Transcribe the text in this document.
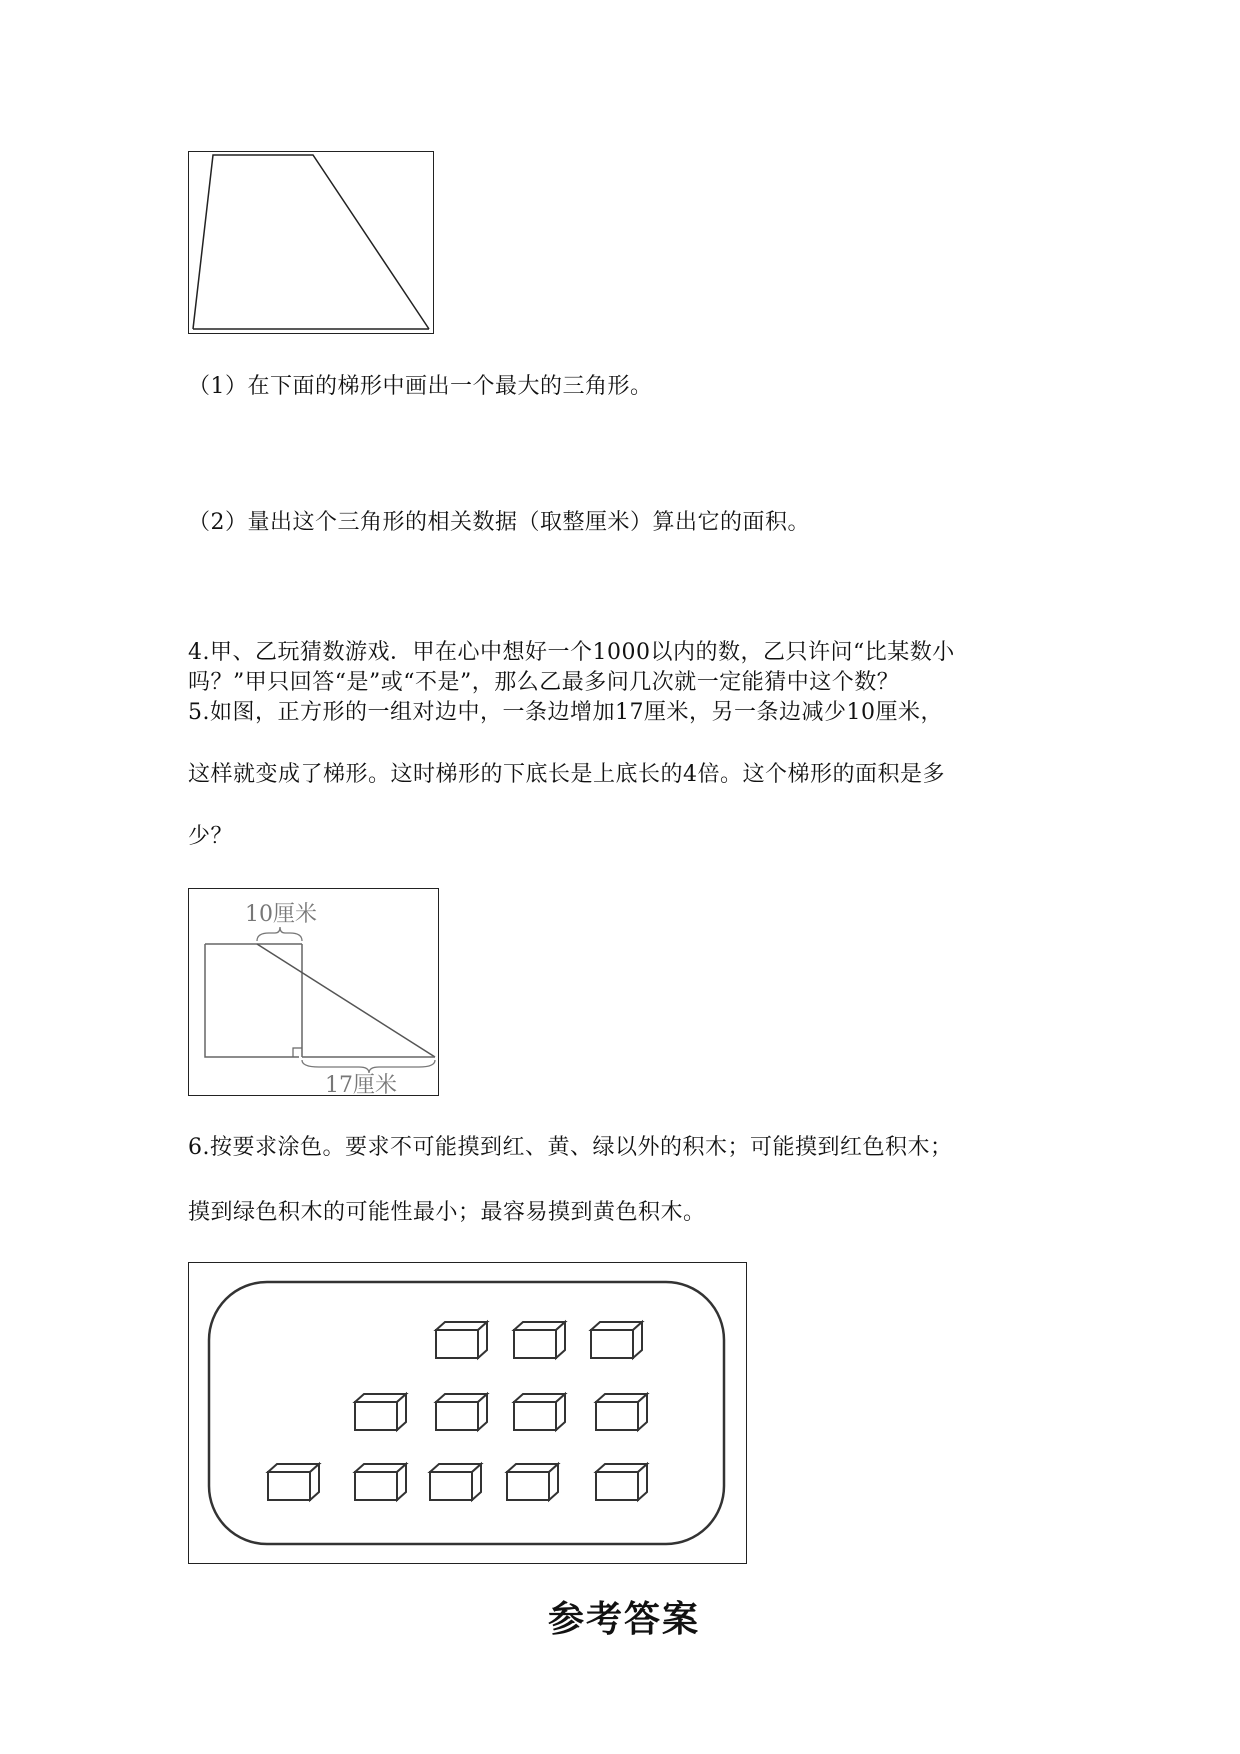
（1）在下面的梯形中画出一个最大的三角形。
（2）量出这个三角形的相关数据（取整厘米）算出它的面积。
4.甲、乙玩猜数游戏．甲在心中想好一个1000以内的数，乙只许问“比某数小
吗？”甲只回答“是”或“不是”，那么乙最多问几次就一定能猜中这个数？
5.如图，正方形的一组对边中，一条边增加17厘米，另一条边减少10厘米，
这样就变成了梯形。这时梯形的下底长是上底长的4倍。这个梯形的面积是多
少？
10厘米
17厘米
6.按要求涂色。要求不可能摸到红、黄、绿以外的积木；可能摸到红色积木；
摸到绿色积木的可能性最小；最容易摸到黄色积木。
参考答案
